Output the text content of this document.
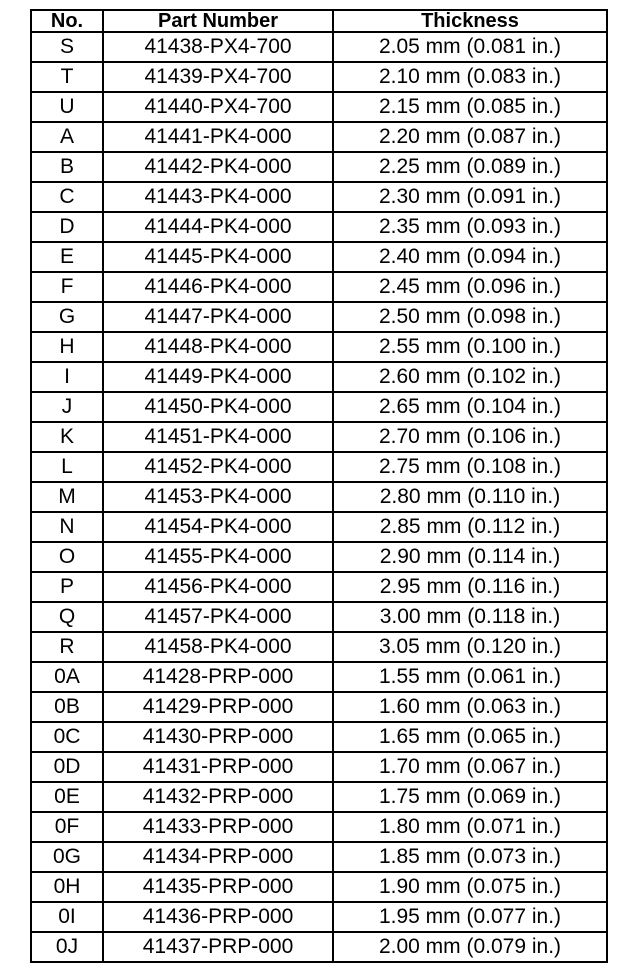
No.	Part Number	Thickness
S	41438-PX4-700	2.05 mm (0.081 in.)
T	41439-PX4-700	2.10 mm (0.083 in.)
U	41440-PX4-700	2.15 mm (0.085 in.)
A	41441-PK4-000	2.20 mm (0.087 in.)
B	41442-PK4-000	2.25 mm (0.089 in.)
C	41443-PK4-000	2.30 mm (0.091 in.)
D	41444-PK4-000	2.35 mm (0.093 in.)
E	41445-PK4-000	2.40 mm (0.094 in.)
F	41446-PK4-000	2.45 mm (0.096 in.)
G	41447-PK4-000	2.50 mm (0.098 in.)
H	41448-PK4-000	2.55 mm (0.100 in.)
I	41449-PK4-000	2.60 mm (0.102 in.)
J	41450-PK4-000	2.65 mm (0.104 in.)
K	41451-PK4-000	2.70 mm (0.106 in.)
L	41452-PK4-000	2.75 mm (0.108 in.)
M	41453-PK4-000	2.80 mm (0.110 in.)
N	41454-PK4-000	2.85 mm (0.112 in.)
O	41455-PK4-000	2.90 mm (0.114 in.)
P	41456-PK4-000	2.95 mm (0.116 in.)
Q	41457-PK4-000	3.00 mm (0.118 in.)
R	41458-PK4-000	3.05 mm (0.120 in.)
0A	41428-PRP-000	1.55 mm (0.061 in.)
0B	41429-PRP-000	1.60 mm (0.063 in.)
0C	41430-PRP-000	1.65 mm (0.065 in.)
0D	41431-PRP-000	1.70 mm (0.067 in.)
0E	41432-PRP-000	1.75 mm (0.069 in.)
0F	41433-PRP-000	1.80 mm (0.071 in.)
0G	41434-PRP-000	1.85 mm (0.073 in.)
0H	41435-PRP-000	1.90 mm (0.075 in.)
0I	41436-PRP-000	1.95 mm (0.077 in.)
0J	41437-PRP-000	2.00 mm (0.079 in.)
